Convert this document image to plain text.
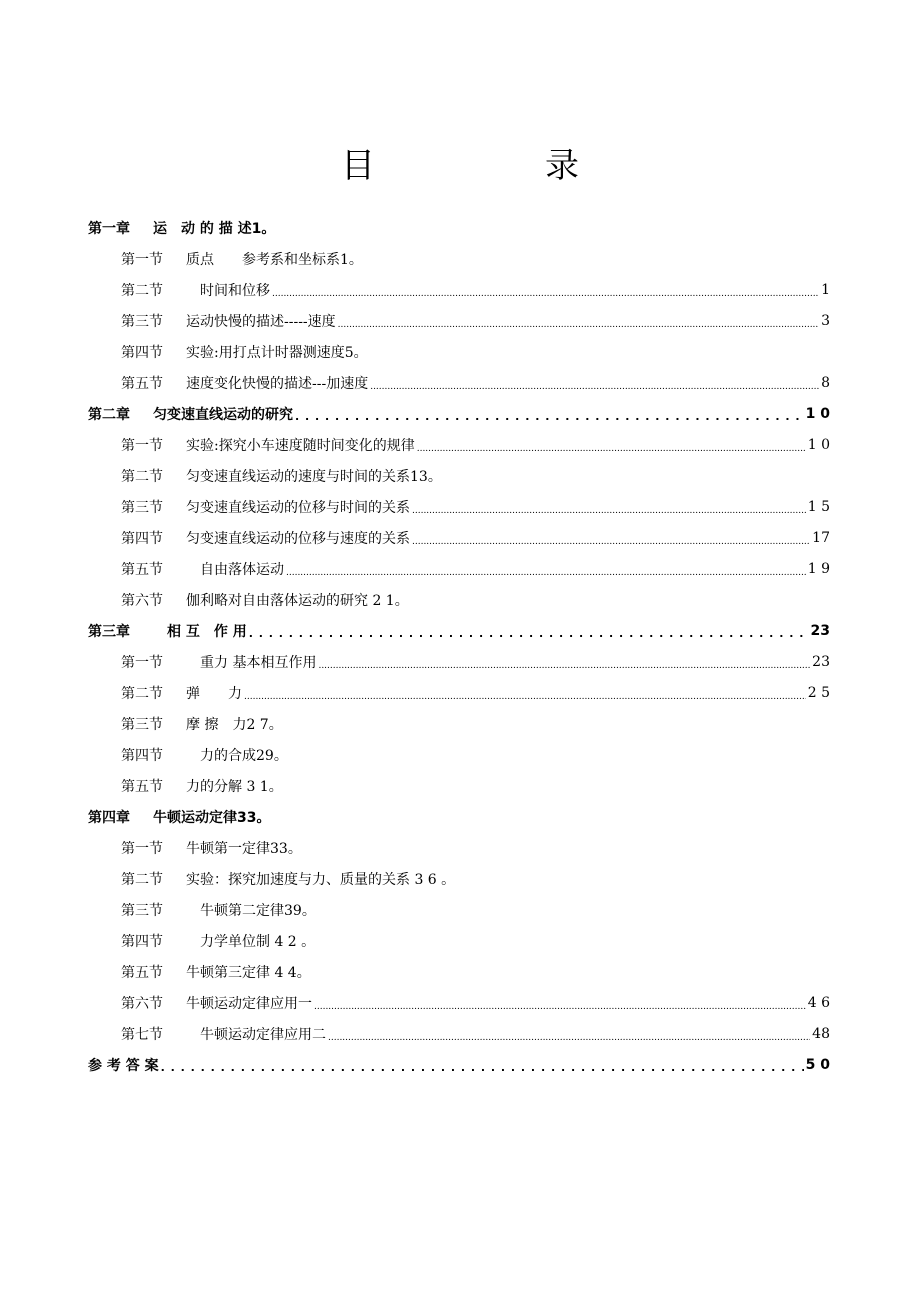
目录
第一章	运　动 的 描 述1。
第一节	质点　　参考系和坐标系1。
第二节	　时间和位移 .....	1
第三节	运动快慢的描述-----速度 .....	3
第四节	实验:用打点计时器测速度5。
第五节	速度变化快慢的描述---加速度 .....	8
第二章	匀变速直线运动的研究 . . .	1 0
第一节	实验:探究小车速度随时间变化的规律 .....	1 0
第二节	匀变速直线运动的速度与时间的关系13。
第三节	匀变速直线运动的位移与时间的关系 .....	1 5
第四节	匀变速直线运动的位移与速度的关系 .....	17
第五节	　自由落体运动 .....	1 9
第六节	伽利略对自由落体运动的研究 2 1。
第三章	　相 互　作 用 . . .	23
第一节	　重力 基本相互作用 .....	23
第二节	弹　　力 .....	2 5
第三节	摩 擦　力2 7。
第四节	　力的合成29。
第五节	力的分解 3 1。
第四章	牛顿运动定律33。
第一节	牛顿第一定律33。
第二节	实验：探究加速度与力、质量的关系 3 6 。
第三节	　牛顿第二定律39。
第四节	　力学单位制 4 2 。
第五节	牛顿第三定律 4 4。
第六节	牛顿运动定律应用一 .....	4 6
第七节	　牛顿运动定律应用二 .....	48
参 考 答 案 . . .	5 0
